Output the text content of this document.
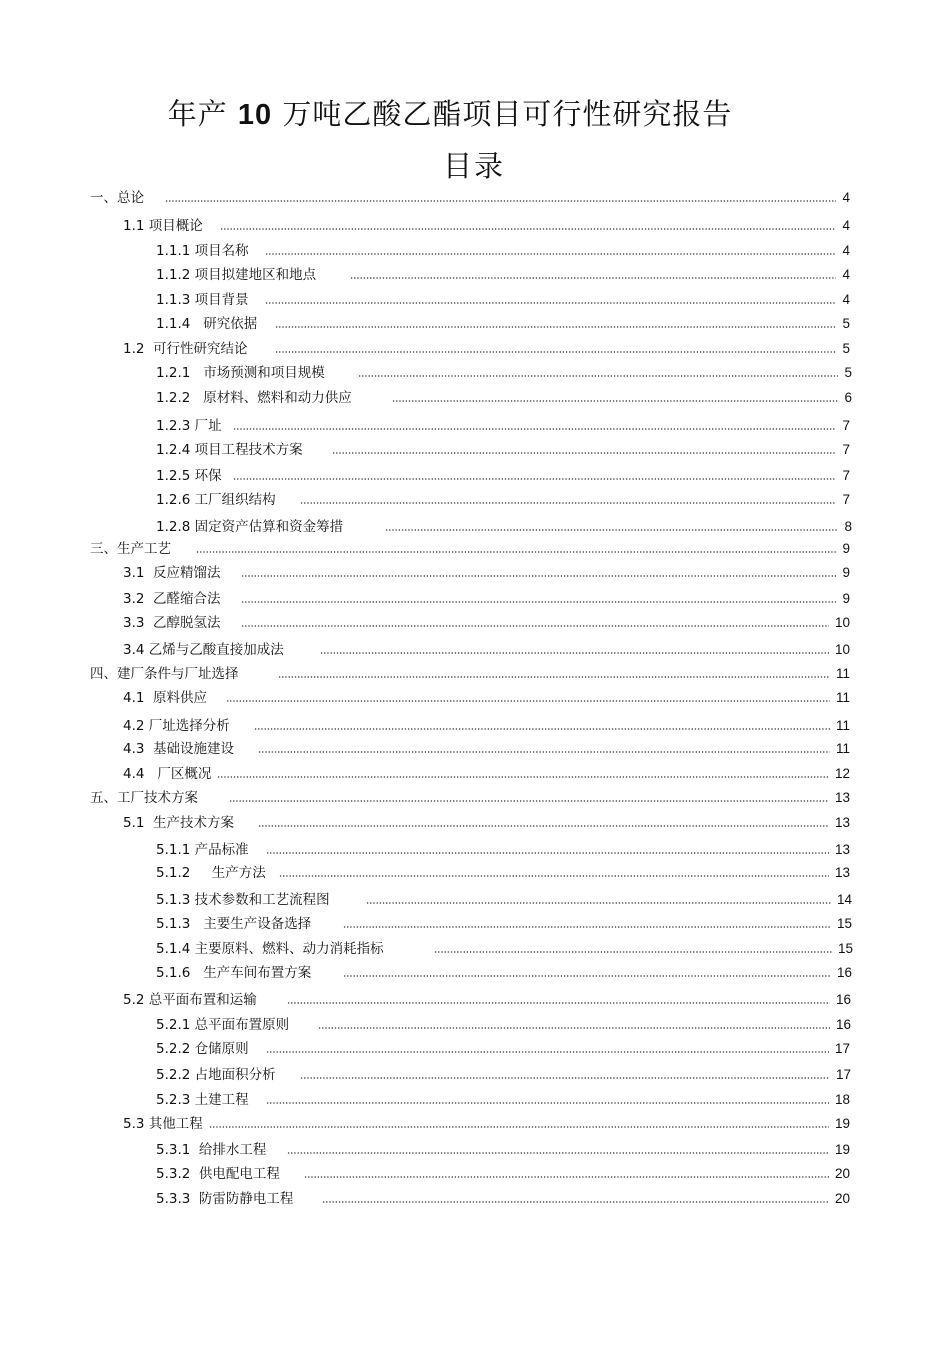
年产 10 万吨乙酸乙酯项目可行性研究报告
目录
一、总论	4
1.1 项目概论	4
1.1.1 项目名称	4
1.1.2 项目拟建地区和地点	4
1.1.3 项目背景	4
1.1.4   研究依据	5
1.2  可行性研究结论	5
1.2.1   市场预测和项目规模	5
1.2.2   原材料、燃料和动力供应	6
1.2.3 厂址	7
1.2.4 项目工程技术方案	7
1.2.5 环保	7
1.2.6 工厂组织结构	7
1.2.8 固定资产估算和资金筹措	8
三、生产工艺	9
3.1  反应精馏法	9
3.2  乙醛缩合法	9
3.3  乙醇脱氢法	10
3.4 乙烯与乙酸直接加成法	10
四、建厂条件与厂址选择	11
4.1  原料供应	11
4.2 厂址选择分析	11
4.3  基础设施建设	11
4.4   厂区概况	12
五、工厂技术方案	13
5.1  生产技术方案	13
5.1.1 产品标准	13
5.1.2     生产方法	13
5.1.3 技术参数和工艺流程图	14
5.1.3   主要生产设备选择	15
5.1.4 主要原料、燃料、动力消耗指标	15
5.1.6   生产车间布置方案	16
5.2 总平面布置和运输	16
5.2.1 总平面布置原则	16
5.2.2 仓储原则	17
5.2.2 占地面积分析	17
5.2.3 土建工程	18
5.3 其他工程	19
5.3.1  给排水工程	19
5.3.2  供电配电工程	20
5.3.3  防雷防静电工程	20
